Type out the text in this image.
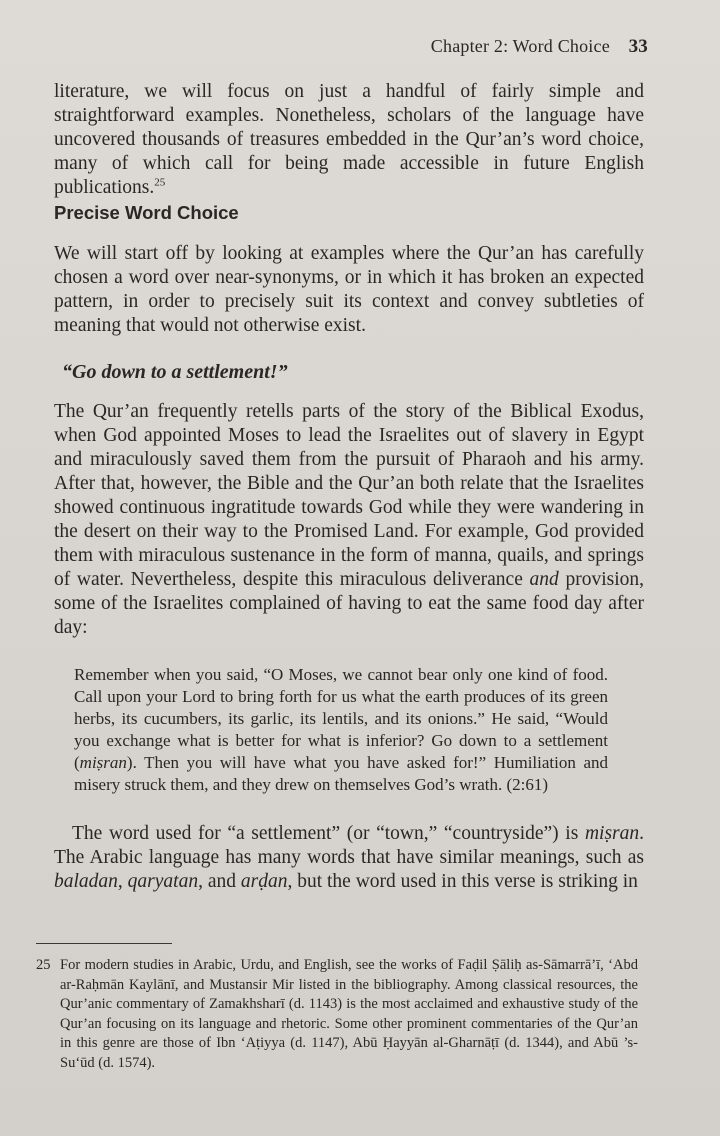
Chapter 2: Word Choice 33

literature, we will focus on just a handful of fairly simple and straightforward examples. Nonetheless, scholars of the language have uncovered thousands of treasures embedded in the Qur’an’s word choice, many of which call for being made accessible in future English publications.$^{25}$

Precise Word Choice

We will start off by looking at examples where the Qur’an has carefully chosen a word over near-synonyms, or in which it has broken an expected pattern, in order to precisely suit its context and convey subtleties of meaning that would not otherwise exist.

“Go down to a settlement!”

The Qur’an frequently retells parts of the story of the Biblical Exodus, when God appointed Moses to lead the Israelites out of slavery in Egypt and miraculously saved them from the pursuit of Pharaoh and his army. After that, however, the Bible and the Qur’an both relate that the Israelites showed continuous ingratitude towards God while they were wandering in the desert on their way to the Promised Land. For example, God provided them with miraculous sustenance in the form of manna, quails, and springs of water. Nevertheless, despite this miraculous deliverance and provision, some of the Israelites complained of having to eat the same food day after day:

Remember when you said, “O Moses, we cannot bear only one kind of food. Call upon your Lord to bring forth for us what the earth produces of its green herbs, its cucumbers, its garlic, its lentils, and its onions.” He said, “Would you exchange what is better for what is inferior? Go down to a settlement (miṣran). Then you will have what you have asked for!” Humiliation and misery struck them, and they drew on themselves God’s wrath. (2:61)

The word used for “a settlement” (or “town,” “countryside”) is miṣran. The Arabic language has many words that have similar meanings, such as baladan, qaryatan, and arḍan, but the word used in this verse is striking in

25 For modern studies in Arabic, Urdu, and English, see the works of Faḍil Ṣāliḥ as-Sāmarrā’ī, ‘Abd ar-Raḥmān Kaylānī, and Mustansir Mir listed in the bibliography. Among classical resources, the Qur’anic commentary of Zamakhsharī (d. 1143) is the most acclaimed and exhaustive study of the Qur’an focusing on its language and rhetoric. Some other prominent commentaries of the Qur’an in this genre are those of Ibn ‘Aṭiyya (d. 1147), Abū Ḥayyān al-Gharnāṭī (d. 1344), and Abū ’s-Su‘ūd (d. 1574).
